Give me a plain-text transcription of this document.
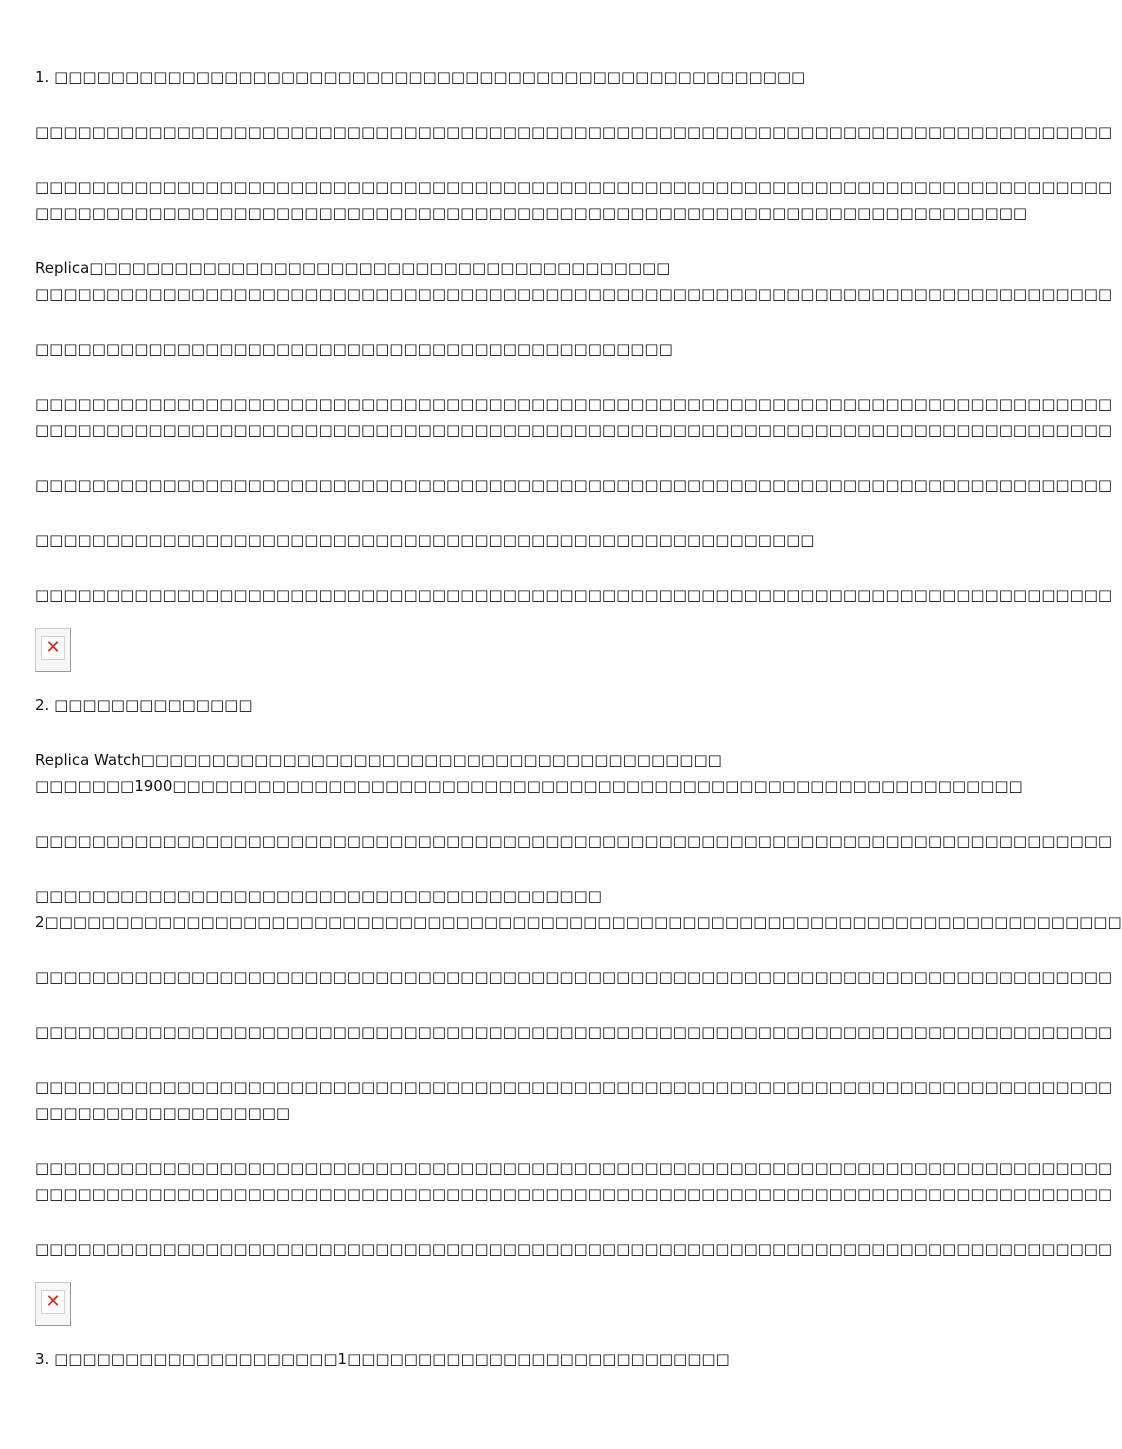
1. □□□□□□□□□□□□□□□□□□□□□□□□□□□□□□□□□□□□□□□□□□□□□□□□□□□□□
□□□□□□□□□□□□□□□□□□□□□□□□□□□□□□□□□□□□□□□□□□□□□□□□□□□□□□□□□□□□□□□□□□□□□□□□□□□□
□□□□□□□□□□□□□□□□□□□□□□□□□□□□□□□□□□□□□□□□□□□□□□□□□□□□□□□□□□□□□□□□□□□□□□□□□□□□
□□□□□□□□□□□□□□□□□□□□□□□□□□□□□□□□□□□□□□□□□□□□□□□□□□□□□□□□□□□□□□□□□□□□□□
Replica□□□□□□□□□□□□□□□□□□□□□□□□□□□□□□□□□□□□□□□□□
□□□□□□□□□□□□□□□□□□□□□□□□□□□□□□□□□□□□□□□□□□□□□□□□□□□□□□□□□□□□□□□□□□□□□□□□□□□□
□□□□□□□□□□□□□□□□□□□□□□□□□□□□□□□□□□□□□□□□□□□□□
□□□□□□□□□□□□□□□□□□□□□□□□□□□□□□□□□□□□□□□□□□□□□□□□□□□□□□□□□□□□□□□□□□□□□□□□□□□□
□□□□□□□□□□□□□□□□□□□□□□□□□□□□□□□□□□□□□□□□□□□□□□□□□□□□□□□□□□□□□□□□□□□□□□□□□□□□
□□□□□□□□□□□□□□□□□□□□□□□□□□□□□□□□□□□□□□□□□□□□□□□□□□□□□□□□□□□□□□□□□□□□□□□□□□□□
□□□□□□□□□□□□□□□□□□□□□□□□□□□□□□□□□□□□□□□□□□□□□□□□□□□□□□□
□□□□□□□□□□□□□□□□□□□□□□□□□□□□□□□□□□□□□□□□□□□□□□□□□□□□□□□□□□□□□□□□□□□□□□□□□□□□
✕
2. □□□□□□□□□□□□□□
Replica Watch□□□□□□□□□□□□□□□□□□□□□□□□□□□□□□□□□□□□□□□□□
□□□□□□□1900□□□□□□□□□□□□□□□□□□□□□□□□□□□□□□□□□□□□□□□□□□□□□□□□□□□□□□□□□□□□
□□□□□□□□□□□□□□□□□□□□□□□□□□□□□□□□□□□□□□□□□□□□□□□□□□□□□□□□□□□□□□□□□□□□□□□□□□□□
□□□□□□□□□□□□□□□□□□□□□□□□□□□□□□□□□□□□□□□□
2□□□□□□□□□□□□□□□□□□□□□□□□□□□□□□□□□□□□□□□□□□□□□□□□□□□□□□□□□□□□□□□□□□□□□□□□□□□□
□□□□□□□□□□□□□□□□□□□□□□□□□□□□□□□□□□□□□□□□□□□□□□□□□□□□□□□□□□□□□□□□□□□□□□□□□□□□
□□□□□□□□□□□□□□□□□□□□□□□□□□□□□□□□□□□□□□□□□□□□□□□□□□□□□□□□□□□□□□□□□□□□□□□□□□□□
□□□□□□□□□□□□□□□□□□□□□□□□□□□□□□□□□□□□□□□□□□□□□□□□□□□□□□□□□□□□□□□□□□□□□□□□□□□□
□□□□□□□□□□□□□□□□□□
□□□□□□□□□□□□□□□□□□□□□□□□□□□□□□□□□□□□□□□□□□□□□□□□□□□□□□□□□□□□□□□□□□□□□□□□□□□□
□□□□□□□□□□□□□□□□□□□□□□□□□□□□□□□□□□□□□□□□□□□□□□□□□□□□□□□□□□□□□□□□□□□□□□□□□□□□
□□□□□□□□□□□□□□□□□□□□□□□□□□□□□□□□□□□□□□□□□□□□□□□□□□□□□□□□□□□□□□□□□□□□□□□□□□□□
✕
3. □□□□□□□□□□□□□□□□□□□□1□□□□□□□□□□□□□□□□□□□□□□□□□□□
